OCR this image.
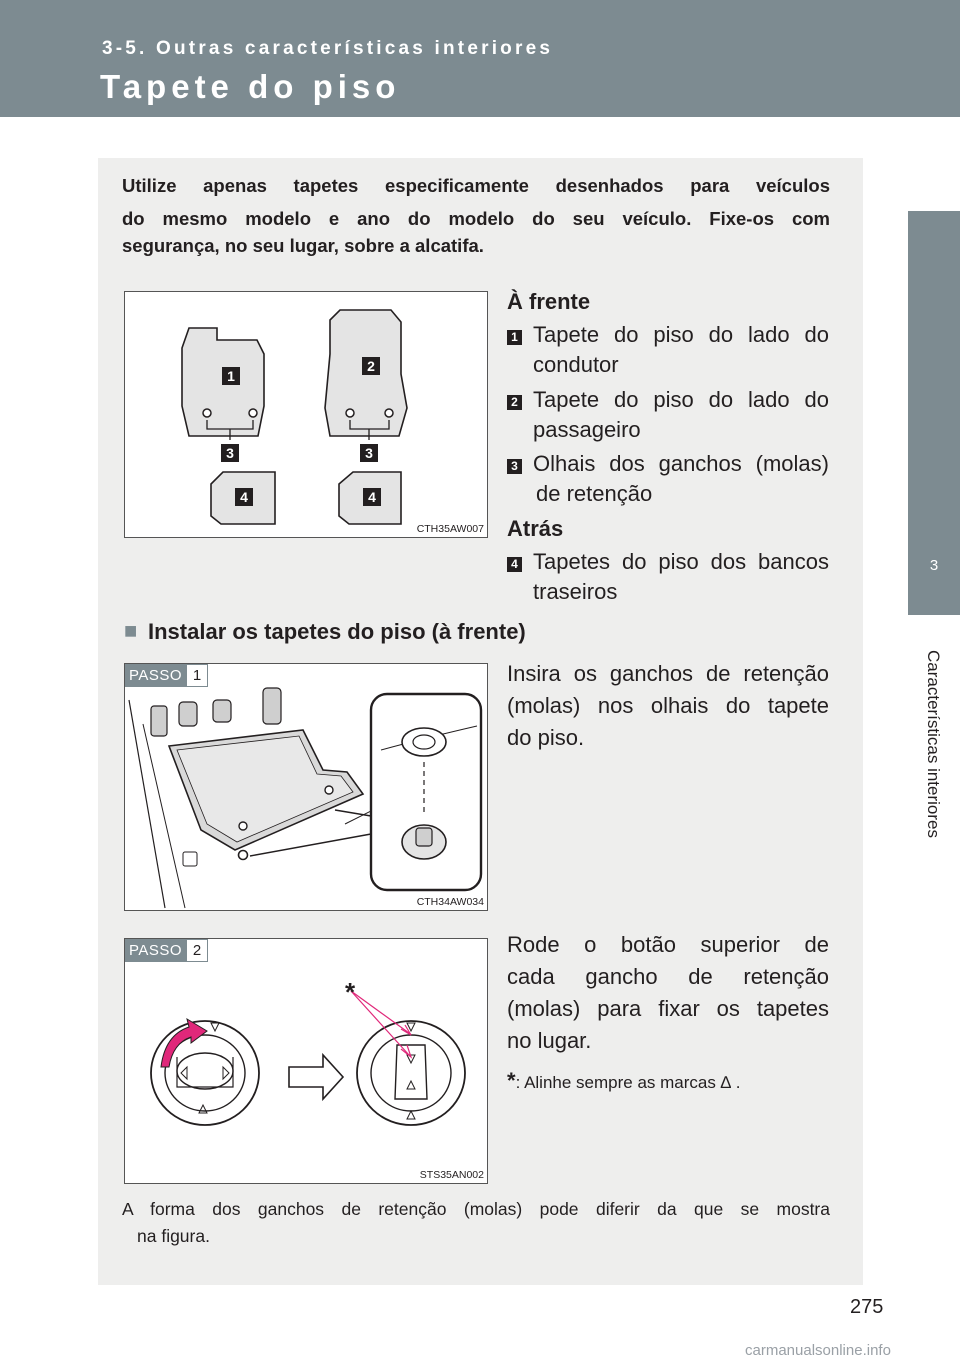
3-5. Outras características interiores
Tapete do piso
3
Características interiores
Utilize apenas tapetes especificamente desenhados para veículos
do mesmo modelo e ano do modelo do seu veículo. Fixe-os com
segurança, no seu lugar, sobre a alcatifa.
1
2
3	3
4	4
CTH35AW007
À frente
1 Tapete do piso do lado do
condutor
2 Tapete do piso do lado do
passageiro
3 Olhais dos ganchos (molas)
de retenção
Atrás
4 Tapetes do piso dos bancos
traseiros
■ Instalar os tapetes do piso (à frente)
PASSO 1
CTH34AW034
Insira os ganchos de retenção
(molas) nos olhais do tapete
do piso.
*
PASSO 2
STS35AN002
Rode o botão superior de
cada gancho de retenção
(molas) para fixar os tapetes
no lugar.
*: Alinhe sempre as marcas ∆ .
A forma dos ganchos de retenção (molas) pode diferir da que se mostra
na figura.
275
carmanualsonline.info
